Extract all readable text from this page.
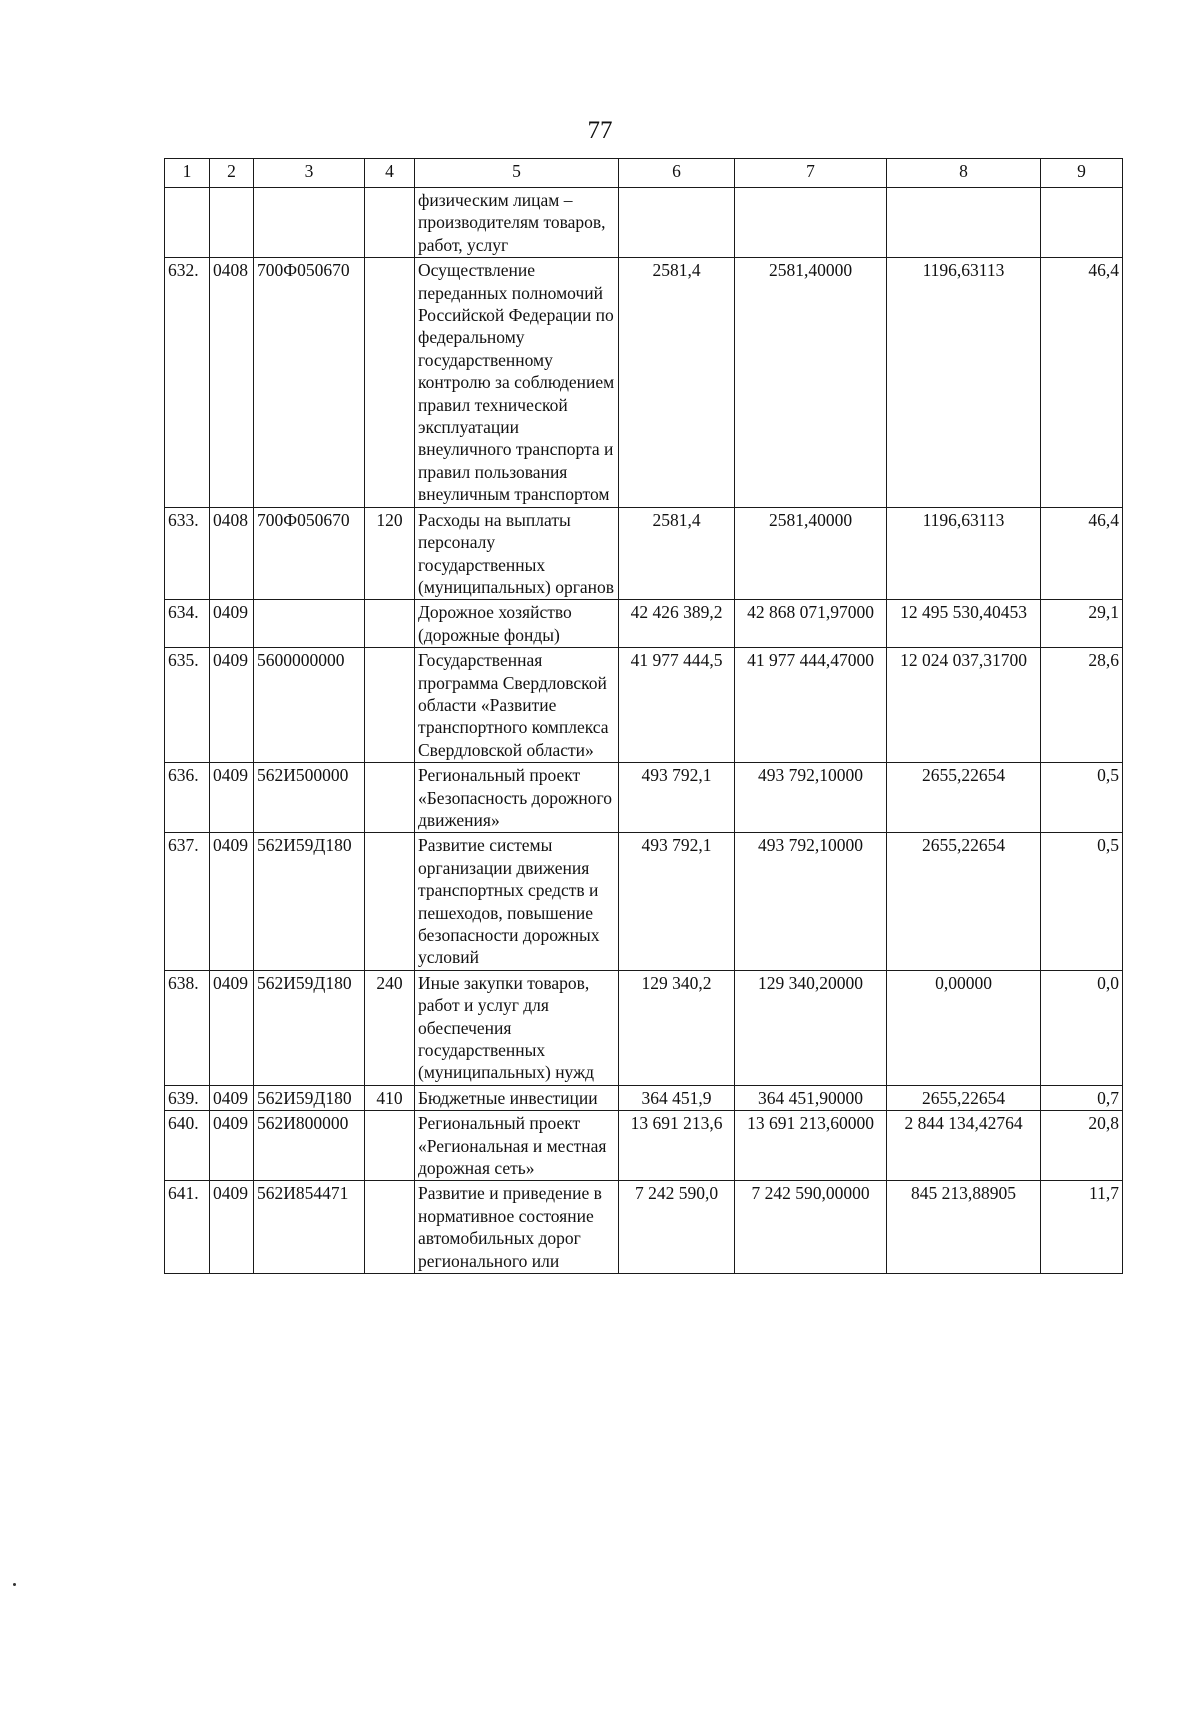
77
1	2	3	4	5	6	7	8	9
				физическим лицам – производителям товаров, работ, услуг				
632.	0408	700Ф050670		Осуществление переданных полномочий Российской Федерации по федеральному государственному контролю за соблюдением правил технической эксплуатации внеуличного транспорта и правил пользования внеуличным транспортом	2581,4	2581,40000	1196,63113	46,4
633.	0408	700Ф050670	120	Расходы на выплаты персоналу государственных (муниципальных) органов	2581,4	2581,40000	1196,63113	46,4
634.	0409			Дорожное хозяйство (дорожные фонды)	42 426 389,2	42 868 071,97000	12 495 530,40453	29,1
635.	0409	5600000000		Государственная программа Свердловской области «Развитие транспортного комплекса Свердловской области»	41 977 444,5	41 977 444,47000	12 024 037,31700	28,6
636.	0409	562И500000		Региональный проект «Безопасность дорожного движения»	493 792,1	493 792,10000	2655,22654	0,5
637.	0409	562И59Д180		Развитие системы организации движения транспортных средств и пешеходов, повышение безопасности дорожных условий	493 792,1	493 792,10000	2655,22654	0,5
638.	0409	562И59Д180	240	Иные закупки товаров, работ и услуг для обеспечения государственных (муниципальных) нужд	129 340,2	129 340,20000	0,00000	0,0
639.	0409	562И59Д180	410	Бюджетные инвестиции	364 451,9	364 451,90000	2655,22654	0,7
640.	0409	562И800000		Региональный проект «Региональная и местная дорожная сеть»	13 691 213,6	13 691 213,60000	2 844 134,42764	20,8
641.	0409	562И854471		Развитие и приведение в нормативное состояние автомобильных дорог регионального или	7 242 590,0	7 242 590,00000	845 213,88905	11,7
